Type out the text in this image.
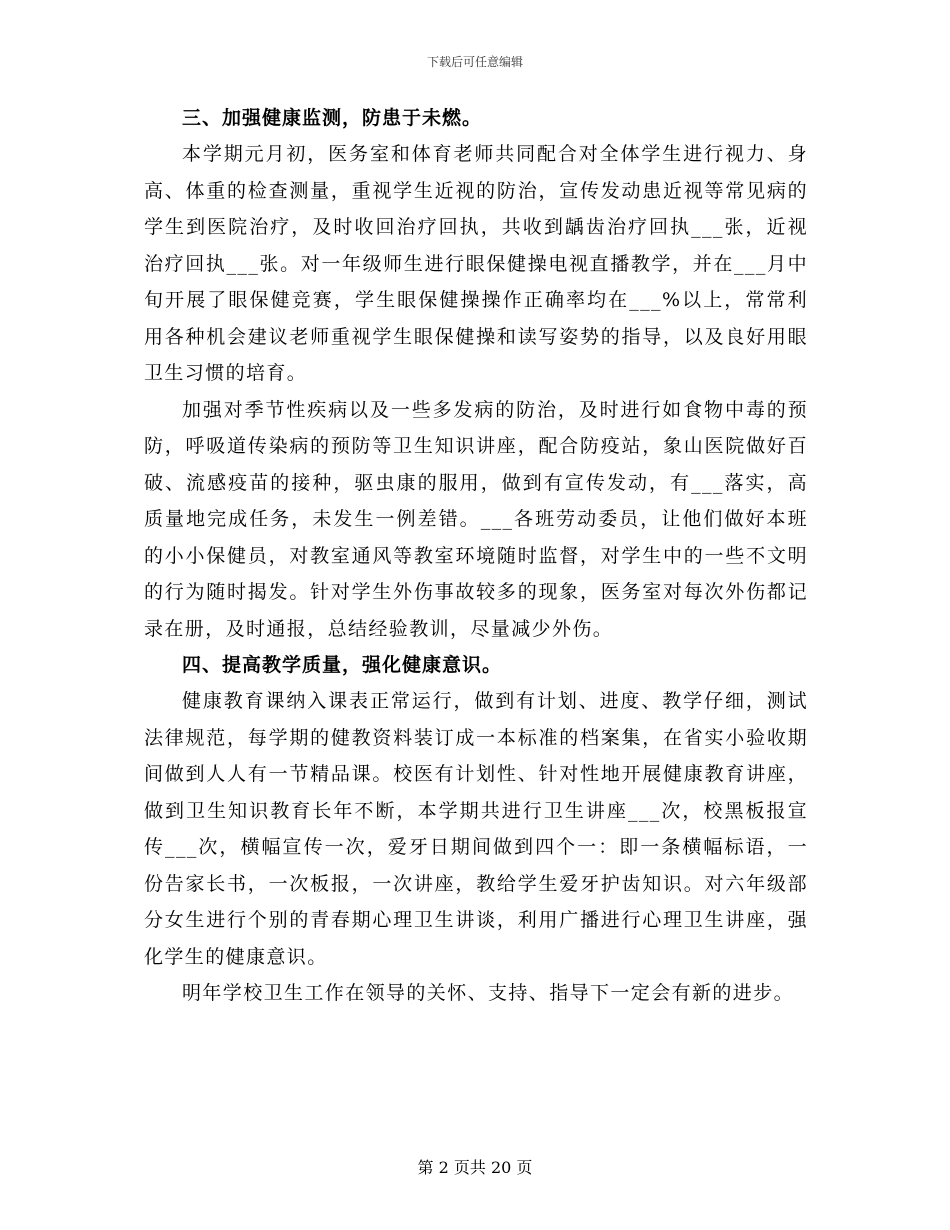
下载后可任意编辑

三、加强健康监测，防患于未燃。

本学期元月初，医务室和体育老师共同配合对全体学生进行视力、身高、体重的检查测量，重视学生近视的防治，宣传发动患近视等常见病的学生到医院治疗，及时收回治疗回执，共收到龋齿治疗回执___张，近视治疗回执___张。对一年级师生进行眼保健操电视直播教学，并在___月中旬开展了眼保健竞赛，学生眼保健操操作正确率均在___%以上，常常利用各种机会建议老师重视学生眼保健操和读写姿势的指导，以及良好用眼卫生习惯的培育。

加强对季节性疾病以及一些多发病的防治，及时进行如食物中毒的预防，呼吸道传染病的预防等卫生知识讲座，配合防疫站，象山医院做好百破、流感疫苗的接种，驱虫康的服用，做到有宣传发动，有___落实，高质量地完成任务，未发生一例差错。___各班劳动委员，让他们做好本班的小小保健员，对教室通风等教室环境随时监督，对学生中的一些不文明的行为随时揭发。针对学生外伤事故较多的现象，医务室对每次外伤都记录在册，及时通报，总结经验教训，尽量减少外伤。

四、提高教学质量，强化健康意识。

健康教育课纳入课表正常运行，做到有计划、进度、教学仔细，测试法律规范，每学期的健教资料装订成一本标准的档案集，在省实小验收期间做到人人有一节精品课。校医有计划性、针对性地开展健康教育讲座，做到卫生知识教育长年不断，本学期共进行卫生讲座___次，校黑板报宣传___次，横幅宣传一次，爱牙日期间做到四个一：即一条横幅标语，一份告家长书，一次板报，一次讲座，教给学生爱牙护齿知识。对六年级部分女生进行个别的青春期心理卫生讲谈，利用广播进行心理卫生讲座，强化学生的健康意识。

明年学校卫生工作在领导的关怀、支持、指导下一定会有新的进步。

第 2 页共 20 页
